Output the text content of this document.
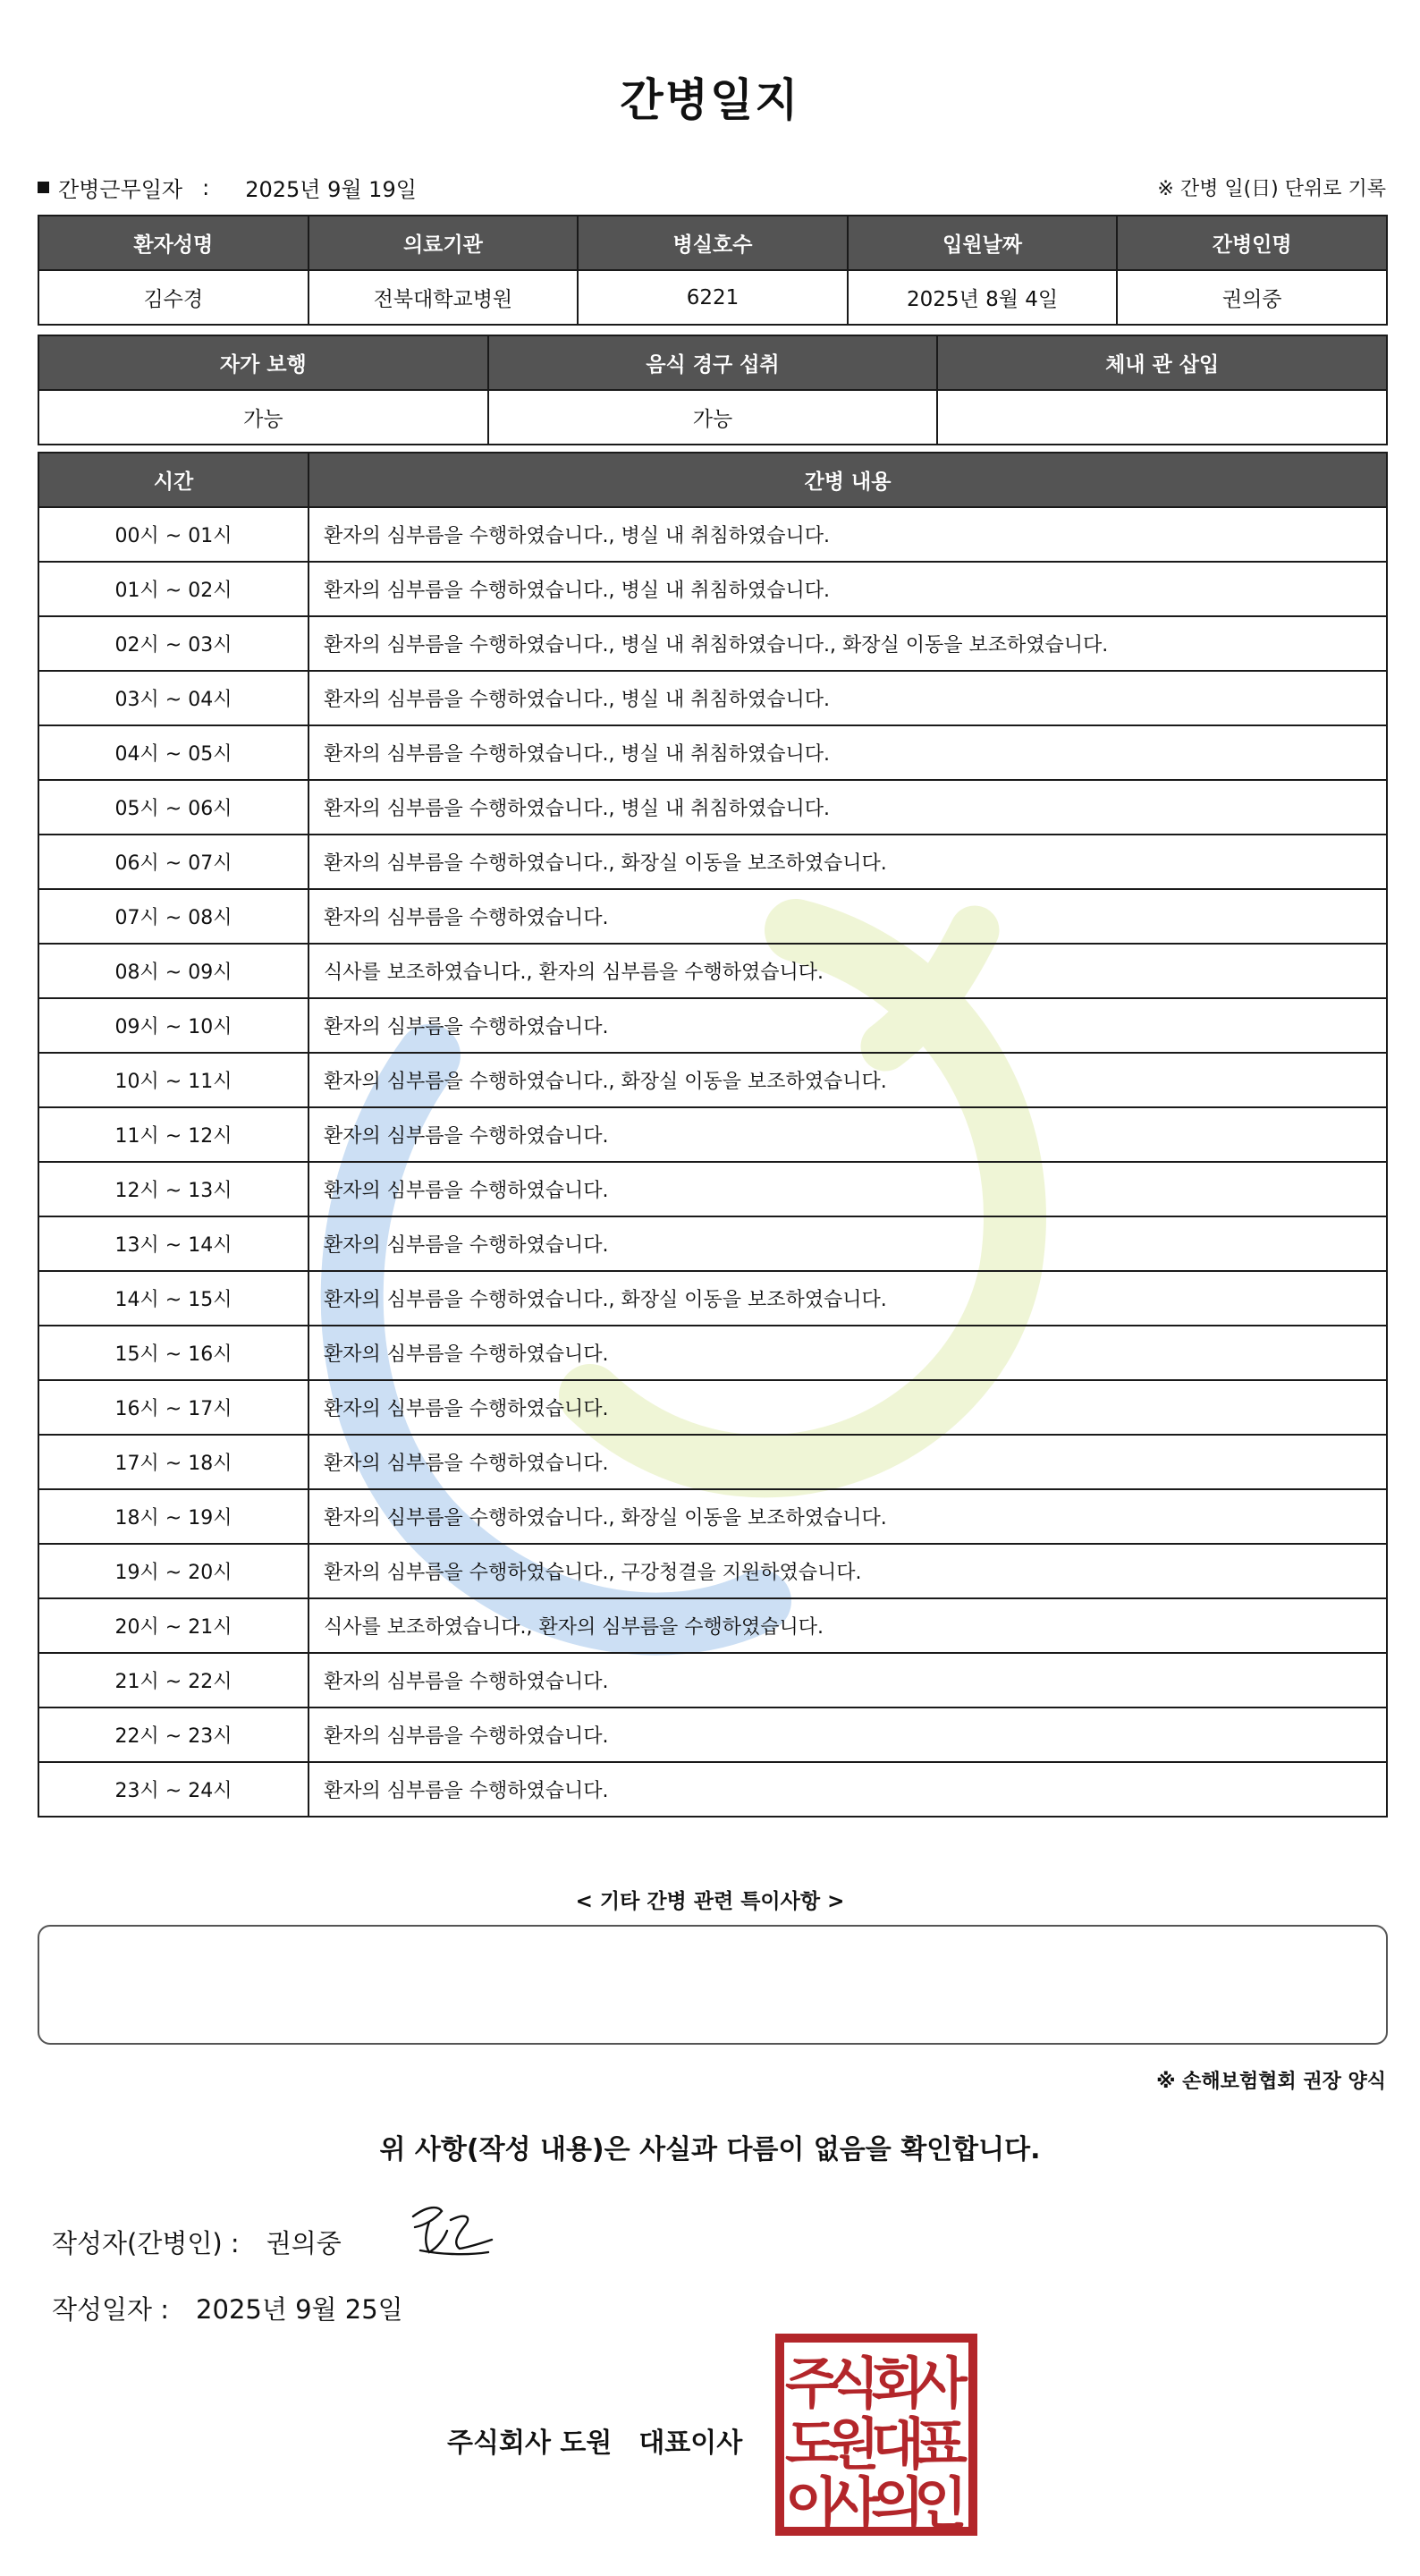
간병일지
간병근무일자 : 2025년 9월 19일	※ 간병 일(日) 단위로 기록
환자성명	의료기관	병실호수	입원날짜	간병인명
김수경	전북대학교병원	6221	2025년 8월 4일	권의중
자가 보행	음식 경구 섭취	체내 관 삽입
가능	가능	
시간	간병 내용
00시 ~ 01시	환자의 심부름을 수행하였습니다., 병실 내 취침하였습니다.
01시 ~ 02시	환자의 심부름을 수행하였습니다., 병실 내 취침하였습니다.
02시 ~ 03시	환자의 심부름을 수행하였습니다., 병실 내 취침하였습니다., 화장실 이동을 보조하였습니다.
03시 ~ 04시	환자의 심부름을 수행하였습니다., 병실 내 취침하였습니다.
04시 ~ 05시	환자의 심부름을 수행하였습니다., 병실 내 취침하였습니다.
05시 ~ 06시	환자의 심부름을 수행하였습니다., 병실 내 취침하였습니다.
06시 ~ 07시	환자의 심부름을 수행하였습니다., 화장실 이동을 보조하였습니다.
07시 ~ 08시	환자의 심부름을 수행하였습니다.
08시 ~ 09시	식사를 보조하였습니다., 환자의 심부름을 수행하였습니다.
09시 ~ 10시	환자의 심부름을 수행하였습니다.
10시 ~ 11시	환자의 심부름을 수행하였습니다., 화장실 이동을 보조하였습니다.
11시 ~ 12시	환자의 심부름을 수행하였습니다.
12시 ~ 13시	환자의 심부름을 수행하였습니다.
13시 ~ 14시	환자의 심부름을 수행하였습니다.
14시 ~ 15시	환자의 심부름을 수행하였습니다., 화장실 이동을 보조하였습니다.
15시 ~ 16시	환자의 심부름을 수행하였습니다.
16시 ~ 17시	환자의 심부름을 수행하였습니다.
17시 ~ 18시	환자의 심부름을 수행하였습니다.
18시 ~ 19시	환자의 심부름을 수행하였습니다., 화장실 이동을 보조하였습니다.
19시 ~ 20시	환자의 심부름을 수행하였습니다., 구강청결을 지원하였습니다.
20시 ~ 21시	식사를 보조하였습니다., 환자의 심부름을 수행하였습니다.
21시 ~ 22시	환자의 심부름을 수행하였습니다.
22시 ~ 23시	환자의 심부름을 수행하였습니다.
23시 ~ 24시	환자의 심부름을 수행하였습니다.
< 기타 간병 관련 특이사항 >
※ 손해보험협회 권장 양식
위 사항(작성 내용)은 사실과 다름이 없음을 확인합니다.
작성자(간병인) : 권의중
작성일자 : 2025년 9월 25일
주식회사 도원 대표이사
주
식
회
사
도
원
대
표
이
사
의
인
